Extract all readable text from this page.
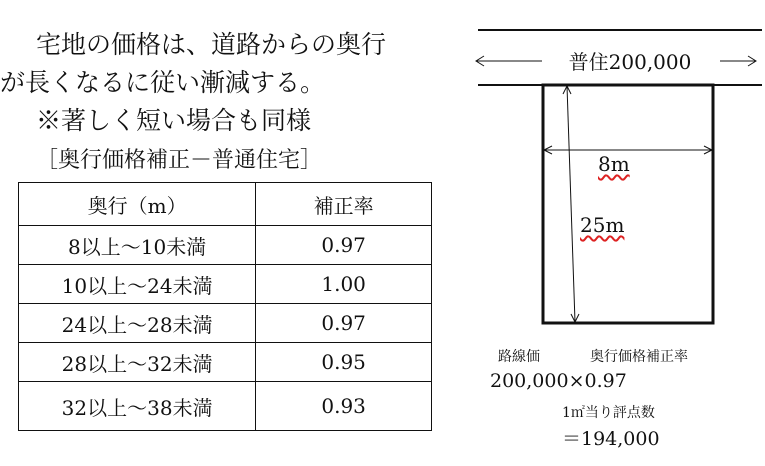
宅地の価格は、道路からの奥行
が長くなるに従い漸減する。
※著しく短い場合も同様
［奥行価格補正－普通住宅］
奥行（m）	補正率
8以上～10未満	0.97
10以上～24未満	1.00
24以上～28未満	0.97
28以上～32未満	0.95
32以上～38未満	0.93
普住200,000
8m
25m
路線価	奥行価格補正率
200,000×0.97
1㎡当り評点数
＝194,000
